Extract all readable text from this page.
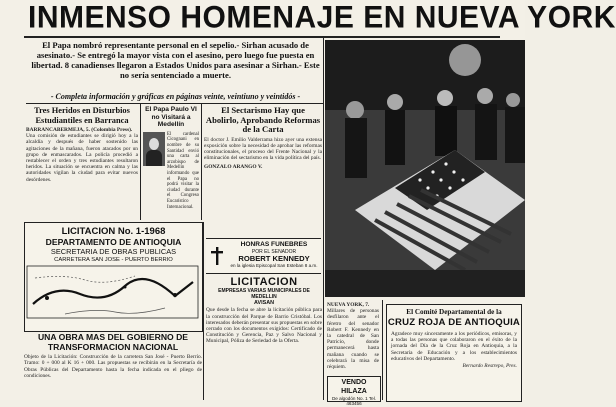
INMENSO HOMENAJE EN NUEVA YORK
El Papa nombró representante personal en el sepelio.- Sirhan acusado de asesinato.- Se entregó la mayor vista con el asesino, pero luego fue puesta en libertad. 8 canadienses llegaron a Estados Unidos para asesinar a Sirhan.- Este no sería sentenciado a muerte.
- Completa información y gráficas en páginas veinte, veintiuno y veintidós -
Tres Heridos en Disturbios Estudiantiles en Barranca
BARRANCABERMEJA, 5. (Colombia Press).
Una comisión de estudiantes se dirigió hoy a la alcaldía y después de haber sostenido las agitaciones de la mañana, fueron atacados por un grupo de enmascarados. La policía procedió a restablecer el orden y tres estudiantes resultaron heridos. La situación se encuentra en calma y las autoridades vigilan la ciudad para evitar nuevos desórdenes.
El Papa Paulo VI no Visitará a Medellín
El cardenal Cicognani en nombre de su Santidad envió una carta al arzobispo de Medellín informando que el Papa no podrá visitar la ciudad durante el Congreso Eucarístico Internacional.
El Sectarismo Hay que Abolirlo, Aprobando Reformas de la Carta
El doctor J. Emilio Valderrama hizo ayer una extensa exposición sobre la necesidad de aprobar las reformas constitucionales, el proceso del Frente Nacional y la eliminación del sectarismo en la vida política del país.
GONZALO ARANGO V.
LICITACION No. 1-1968
DEPARTAMENTO DE ANTIOQUIA
SECRETARIA DE OBRAS PUBLICAS
CARRETERA SAN JOSE - PUERTO BERRIO
UNA OBRA MAS DEL GOBIERNO DE TRANSFORMACION NACIONAL
Objeto de la Licitación: Construcción de la carretera San José - Puerto Berrío. Tramo: 0 + 000 al K 16 + 000. Las propuestas se recibirán en la Secretaría de Obras Públicas del Departamento hasta la fecha indicada en el pliego de condiciones.
HONRAS FUNEBRES
POR EL SENADOR
ROBERT KENNEDY
en la iglesia Episcopal San Esteban 8 a.m.
LICITACION
EMPRESAS VARIAS MUNICIPALES DE MEDELLIN
AVISAN
Que desde la fecha se abre la licitación pública para la construcción del Parque de Barrio Cristóbal. Los interesados deberán presentar sus propuestas en sobre cerrado con los documentos exigidos: Certificado de Constitución y Gerencia, Paz y Salvo Nacional y Municipal, Póliza de Seriedad de la Oferta.
NUEVA YORK, 7.
Millares de personas desfilaron ante el féretro del senador Robert F. Kennedy en la catedral de San Patricio, donde permanecerá hasta mañana cuando se celebrará la misa de réquiem.
VENDO HILAZA
De algodón No. 1 Tel. 463456
El Comité Departamental de la
CRUZ ROJA DE ANTIOQUIA
Agradece muy sinceramente a los periódicos, emisoras, y a todas las personas que colaboraron en el éxito de la jornada del Día de la Cruz Roja en Antioquia, a la Secretaría de Educación y a los establecimientos educativos del Departamento.
Bernardo Restrepo, Pres.
